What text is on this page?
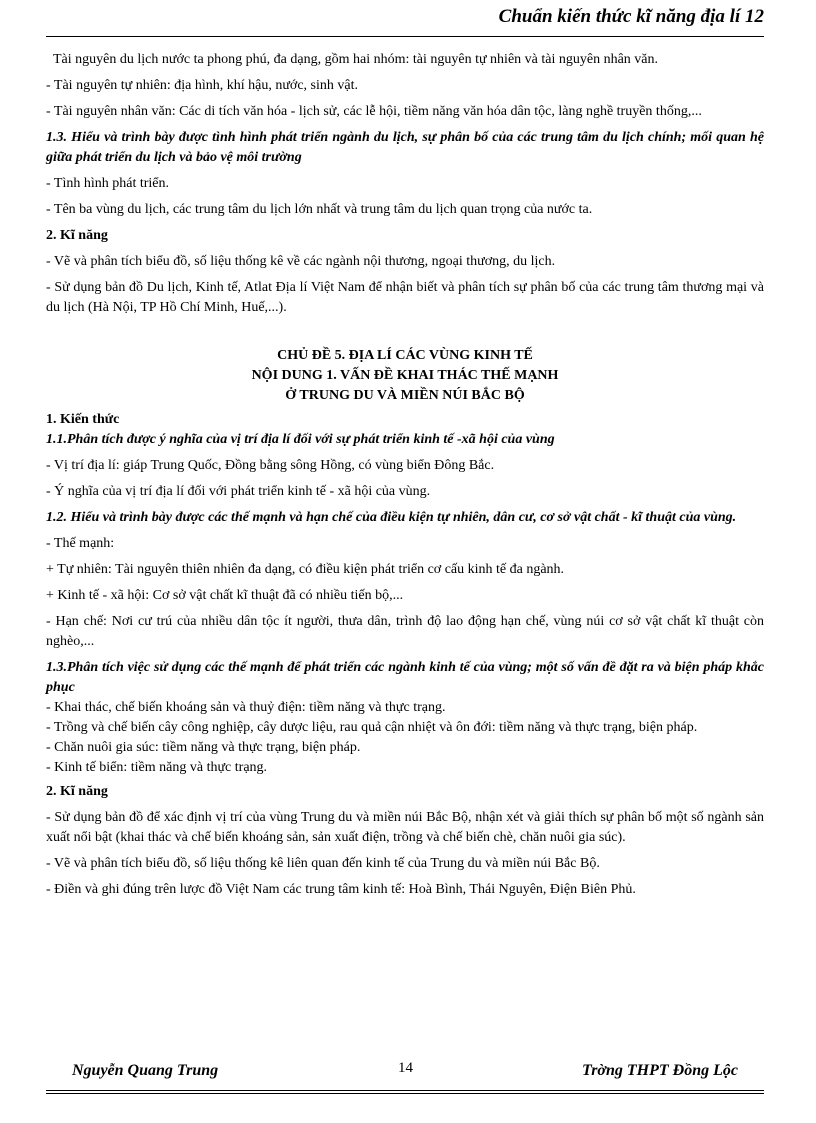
Chuẩn kiến thức kĩ năng địa lí 12

Tài nguyên du lịch nước ta phong phú, đa dạng, gồm hai nhóm: tài nguyên tự nhiên và tài nguyên nhân văn.

- Tài nguyên tự nhiên: địa hình, khí hậu, nước, sinh vật.

- Tài nguyên nhân văn: Các di tích văn hóa - lịch sử, các lễ hội, tiềm năng văn hóa dân tộc, làng nghề truyền thống,...

1.3. Hiểu và trình bày được tình hình phát triển ngành du lịch, sự phân bố của các trung tâm du lịch chính; mối quan hệ giữa phát triển du lịch và bảo vệ môi trường

- Tình hình phát triển.

- Tên ba vùng du lịch, các trung tâm du lịch lớn nhất và trung tâm du lịch quan trọng của nước ta.

2. Kĩ năng

- Vẽ và phân tích biểu đồ, số liệu thống kê về các ngành nội thương, ngoại thương, du lịch.

- Sử dụng bản đồ Du lịch, Kinh tế, Atlat Địa lí Việt Nam để nhận biết và phân tích sự phân bố của các trung tâm thương mại và du lịch (Hà Nội, TP Hồ Chí Minh, Huế,...).

CHỦ ĐỀ 5. ĐỊA LÍ CÁC VÙNG KINH TẾ

NỘI DUNG 1. VẤN ĐỀ KHAI THÁC THẾ MẠNH

Ở TRUNG DU VÀ MIỀN NÚI BẮC BỘ

1. Kiến thức

1.1.Phân tích được ý nghĩa của vị trí địa lí đối với sự phát triển kinh tế -xã hội của vùng

- Vị trí địa lí: giáp Trung Quốc, Đồng bằng sông Hồng, có vùng biển Đông Bắc.

- Ý nghĩa của vị trí địa lí đối với phát triển kinh tế - xã hội của vùng.

1.2. Hiểu và trình bày được các thế mạnh và hạn chế của điều kiện tự nhiên, dân cư, cơ sở vật chất - kĩ thuật của vùng.

- Thế mạnh:

+ Tự nhiên: Tài nguyên thiên nhiên đa dạng, có điều kiện phát triển cơ cấu kinh tế đa ngành.

+ Kinh tế - xã hội: Cơ sở vật chất kĩ thuật đã có nhiều tiến bộ,...

- Hạn chế: Nơi cư trú của nhiều dân tộc ít người, thưa dân, trình độ lao động hạn chế, vùng núi cơ sở vật chất kĩ thuật còn nghèo,...

1.3.Phân tích việc sử dụng các thế mạnh để phát triển các ngành kinh tế của vùng; một số vấn đề đặt ra và biện pháp khắc phục

- Khai thác, chế biến khoáng sản và thuỷ điện: tiềm năng và thực trạng.

- Trồng và chế biến cây công nghiệp, cây dược liệu, rau quả cận nhiệt và ôn đới: tiềm năng và thực trạng, biện pháp.

- Chăn nuôi gia súc: tiềm năng và thực trạng, biện pháp.

- Kinh tế biển: tiềm năng và thực trạng.

2. Kĩ năng

- Sử dụng bản đồ để xác định vị trí của vùng Trung du và miền núi Bắc Bộ, nhận xét và giải thích sự phân bố một số ngành sản xuất nổi bật (khai thác và chế biến khoáng sản, sản xuất điện, trồng và chế biến chè, chăn nuôi gia súc).

- Vẽ và phân tích biểu đồ, số liệu thống kê liên quan đến kinh tế của Trung du và miền núi Bắc Bộ.

- Điền và ghi đúng trên lược đồ Việt Nam các trung tâm kinh tế: Hoà Bình, Thái Nguyên, Điện Biên Phủ.

Nguyễn Quang Trung	14	Trờng THPT Đồng Lộc
